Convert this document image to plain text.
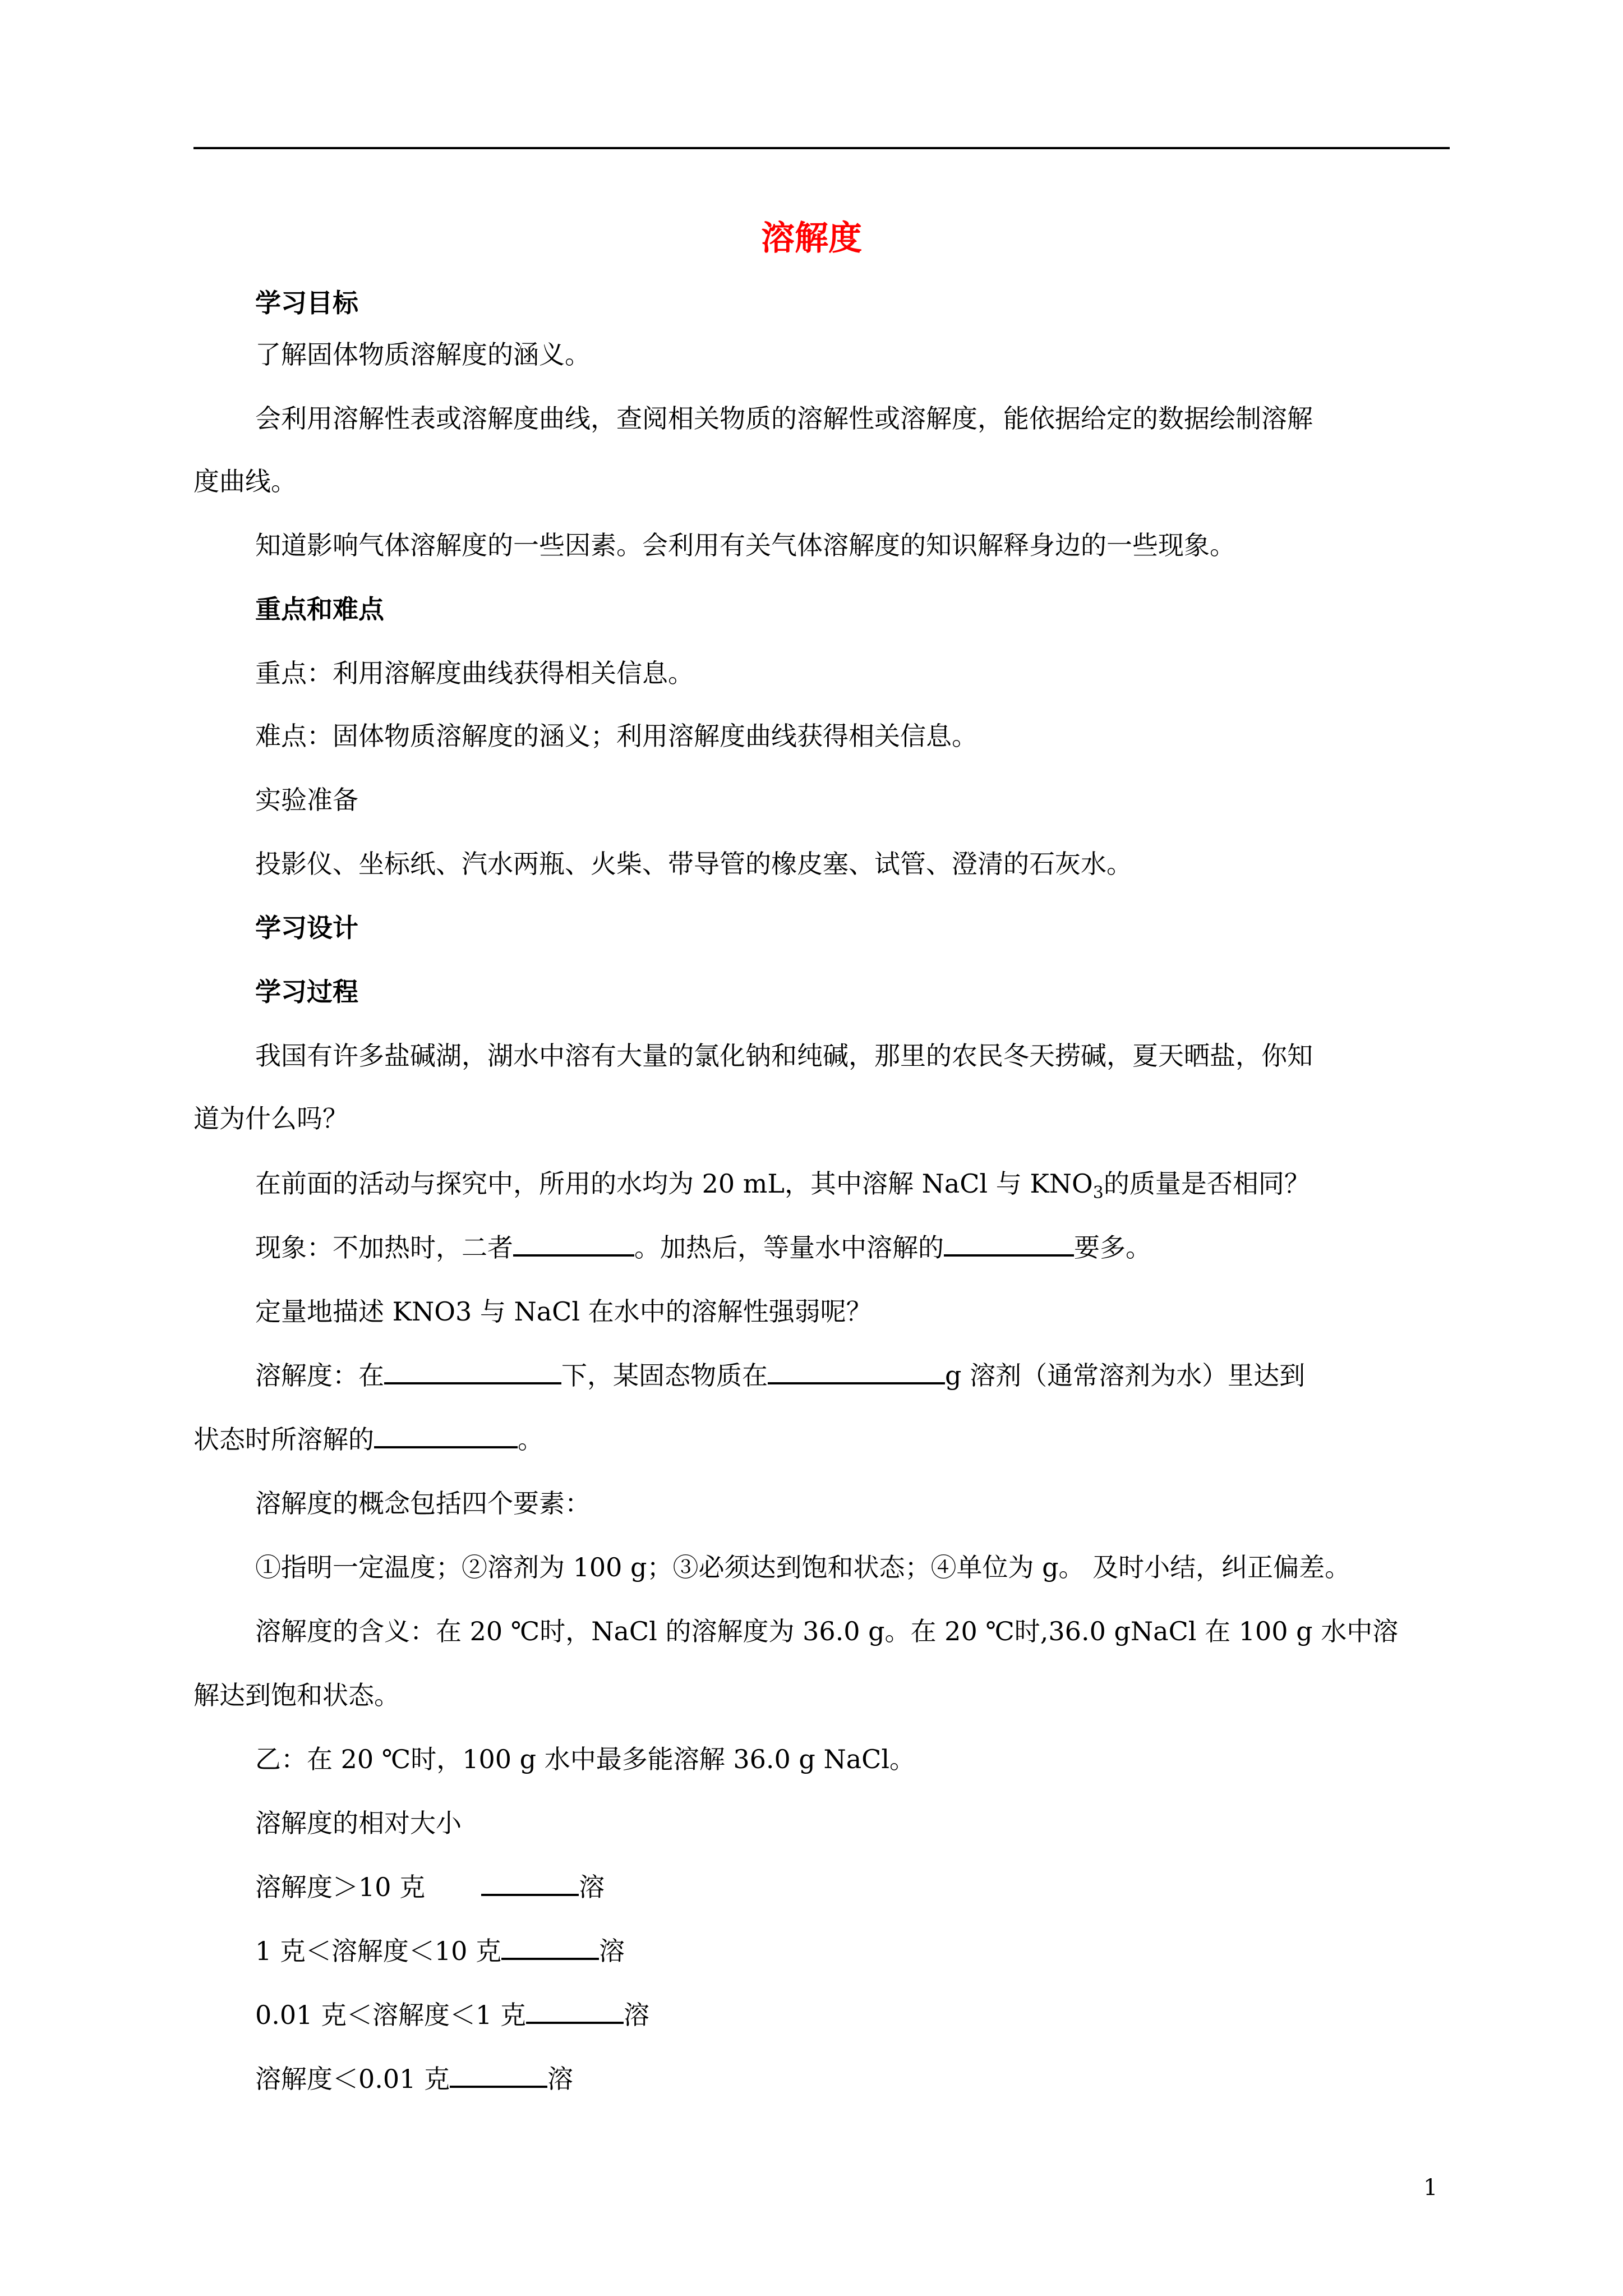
溶解度
学习目标
了解固体物质溶解度的涵义。
会利用溶解性表或溶解度曲线，查阅相关物质的溶解性或溶解度，能依据给定的数据绘制溶解
度曲线。
知道影响气体溶解度的一些因素。会利用有关气体溶解度的知识解释身边的一些现象。
重点和难点
重点：利用溶解度曲线获得相关信息。
难点：固体物质溶解度的涵义；利用溶解度曲线获得相关信息。
实验准备
投影仪、坐标纸、汽水两瓶、火柴、带导管的橡皮塞、试管、澄清的石灰水。
学习设计
学习过程
我国有许多盐碱湖，湖水中溶有大量的氯化钠和纯碱，那里的农民冬天捞碱，夏天晒盐，你知
道为什么吗？
在前面的活动与探究中，所用的水均为 20 mL，其中溶解 NaCl 与 $KNO_3$的质量是否相同？
现象：不加热时，二者	。加热后，等量水中溶解的	要多。
定量地描述 KNO3 与 NaCl 在水中的溶解性强弱呢？
溶解度：在	下，某固态物质在	g 溶剂（通常溶剂为水）里达到
状态时所溶解的	。
溶解度的概念包括四个要素：
①指明一定温度；②溶剂为 100 g；③必须达到饱和状态；④单位为 g。 及时小结，纠正偏差。
溶解度的含义：在 20 ℃时，NaCl 的溶解度为 36.0 g。在 20 ℃时,36.0 gNaCl 在 100 g 水中溶
解达到饱和状态。
乙：在 20 ℃时，100 g 水中最多能溶解 36.0 g NaCl。
溶解度的相对大小
溶解度＞10 克	溶
1 克＜溶解度＜10 克	溶
0.01 克＜溶解度＜1 克	溶
溶解度＜0.01 克	溶
1
